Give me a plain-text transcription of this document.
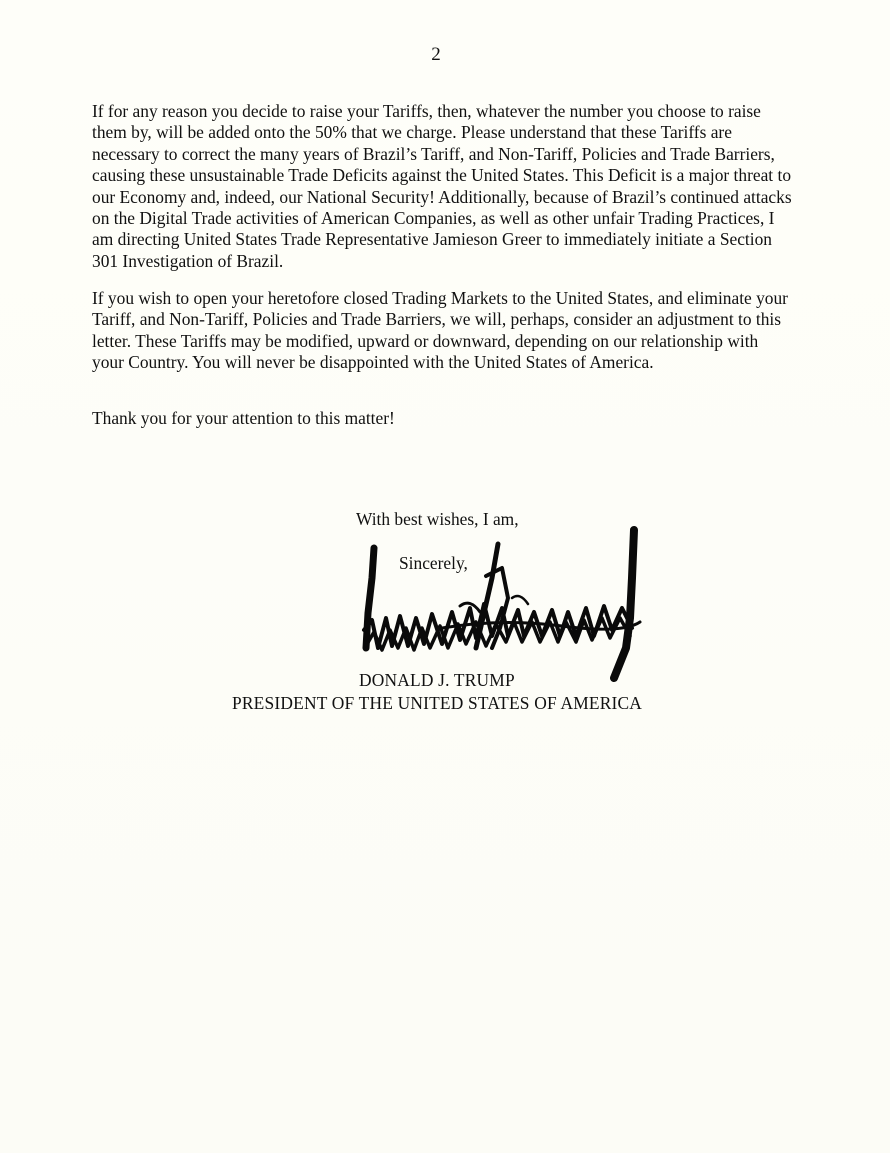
2

If for any reason you decide to raise your Tariffs, then, whatever the number you choose to raise them by, will be added onto the 50% that we charge. Please understand that these Tariffs are necessary to correct the many years of Brazil’s Tariff, and Non-Tariff, Policies and Trade Barriers, causing these unsustainable Trade Deficits against the United States. This Deficit is a major threat to our Economy and, indeed, our National Security! Additionally, because of Brazil’s continued attacks on the Digital Trade activities of American Companies, as well as other unfair Trading Practices, I am directing United States Trade Representative Jamieson Greer to immediately initiate a Section 301 Investigation of Brazil.

If you wish to open your heretofore closed Trading Markets to the United States, and eliminate your Tariff, and Non-Tariff, Policies and Trade Barriers, we will, perhaps, consider an adjustment to this letter. These Tariffs may be modified, upward or downward, depending on our relationship with your Country. You will never be disappointed with the United States of America.

Thank you for your attention to this matter!

With best wishes, I am,
Sincerely,
DONALD J. TRUMP
PRESIDENT OF THE UNITED STATES OF AMERICA
